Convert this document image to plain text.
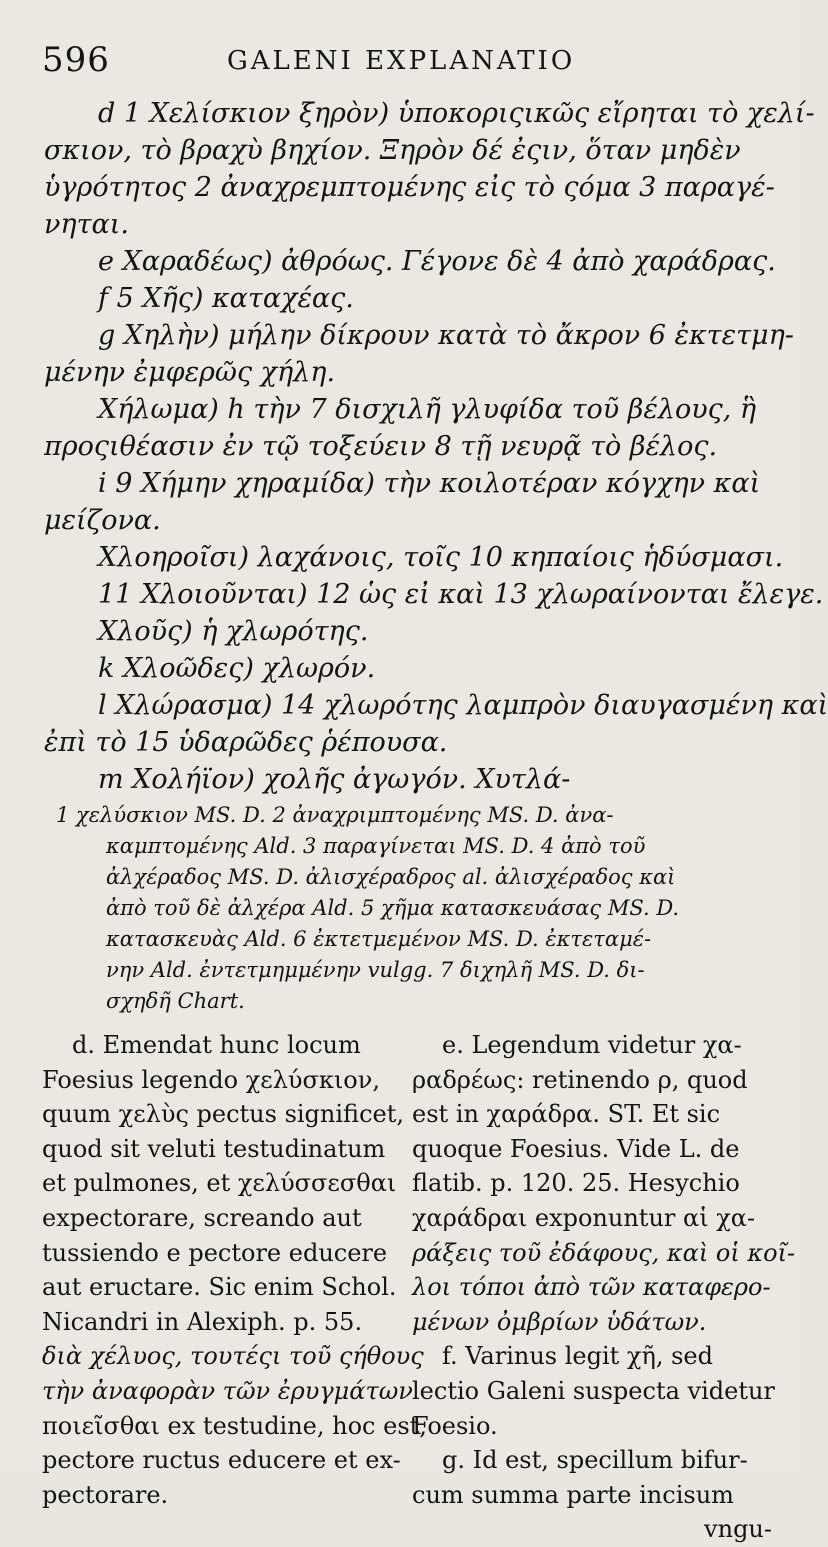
596	GALENI EXPLANATIO

d 1 Χελίσκιον ξηρὸν) ὑποκοριςικῶς εἴρηται τὸ χελί-

σκιον, τὸ βραχὺ βηχίον. Ξηρὸν δέ ἐςιν, ὅταν μηδὲν

ὑγρότητος 2 ἀναχρεμπτομένης εἰς τὸ ςόμα 3 παραγέ-

νηται.

e Χαραδέως) ἀθρόως. Γέγονε δὲ 4 ἀπὸ χαράδρας.

f 5 Χῆς) καταχέας.

g Χηλὴν) μήλην δίκρουν κατὰ τὸ ἄκρον 6 ἐκτετμη-

μένην ἐμφερῶς χήλη.

Χήλωμα) h τὴν 7 δισχιλῆ γλυφίδα τοῦ βέλους, ἣ

προςιθέασιν ἐν τῷ τοξεύειν 8 τῇ νευρᾷ τὸ βέλος.

i 9 Χήμην χηραμίδα) τὴν κοιλοτέραν κόγχην καὶ

μείζονα.

Χλοηροῖσι) λαχάνοις, τοῖς 10 κηπαίοις ἡδύσμασι.

11 Χλοιοῦνται) 12 ὡς εἰ καὶ 13 χλωραίνονται ἔλεγε.

Χλοῦς) ἡ χλωρότης.

k Χλοῶδες) χλωρόν.

l Χλώρασμα) 14 χλωρότης λαμπρὸν διαυγασμένη καὶ

ἐπὶ τὸ 15 ὑδαρῶδες ῥέπουσα.

m Χολήϊον) χολῆς ἀγωγόν. Χυτλά-

1 χελύσκιον MS. D. 2 ἀναχριμπτομένης MS. D. ἀνα-

καμπτομένης Ald. 3 παραγίνεται MS. D. 4 ἀπὸ τοῦ

ἀλχέραδος MS. D. ἀλισχέραδρος al. ἀλισχέραδος καὶ

ἀπὸ τοῦ δὲ ἀλχέρα Ald. 5 χῆμα κατασκευάσας MS. D.

κατασκευὰς Ald. 6 ἐκτετμεμένον MS. D. ἐκτεταμέ-

νην Ald. ἐντετμημμένην vulgg. 7 διχηλῆ MS. D. δι-

σχηδῆ Chart.

d. Emendat hunc locum

Foesius legendo χελύσκιον,

quum χελὺς pectus significet,

quod sit veluti testudinatum

et pulmones, et χελύσσεσθαι

expectorare, screando aut

tussiendo e pectore educere

aut eructare. Sic enim Schol.

Nicandri in Alexiph. p. 55.

διὰ χέλυος, τουτέςι τοῦ ςήθους

τὴν ἀναφορὰν τῶν ἐρυγμάτων

ποιεῖσθαι ex testudine, hoc est,

pectore ructus educere et ex-

pectorare.

e. Legendum videtur χα-

ραδρέως: retinendo ρ, quod

est in χαράδρα. ST. Et sic

quoque Foesius. Vide L. de

flatib. p. 120. 25. Hesychio

χαράδραι exponuntur αἱ χα-

ράξεις τοῦ ἐδάφους, καὶ οἱ κοῖ-

λοι τόποι ἀπὸ τῶν καταφερο-

μένων ὀμβρίων ὑδάτων.

f. Varinus legit χῆ, sed

lectio Galeni suspecta videtur

Foesio.

g. Id est, specillum bifur-

cum summa parte incisum

vngu-
